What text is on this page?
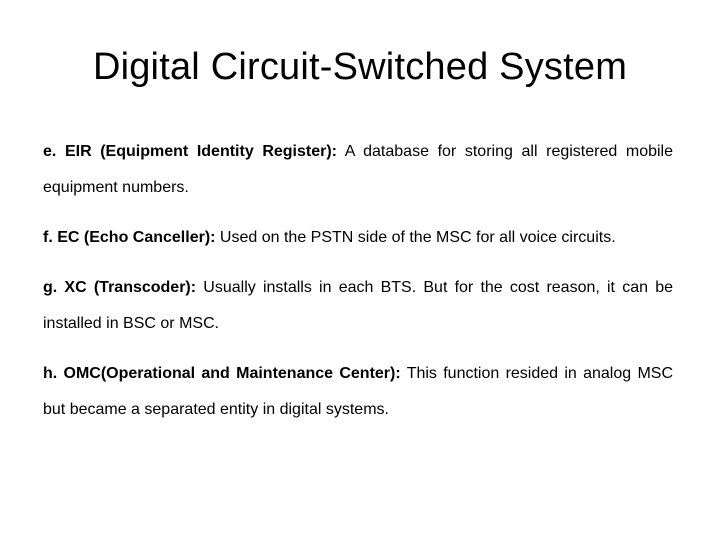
Digital Circuit-Switched System

e. EIR (Equipment Identity Register): A database for storing all registered mobile equipment numbers.

f. EC (Echo Canceller): Used on the PSTN side of the MSC for all voice circuits.

g. XC (Transcoder): Usually installs in each BTS. But for the cost reason, it can be installed in BSC or MSC.

h. OMC(Operational and Maintenance Center): This function resided in analog MSC but became a separated entity in digital systems.
